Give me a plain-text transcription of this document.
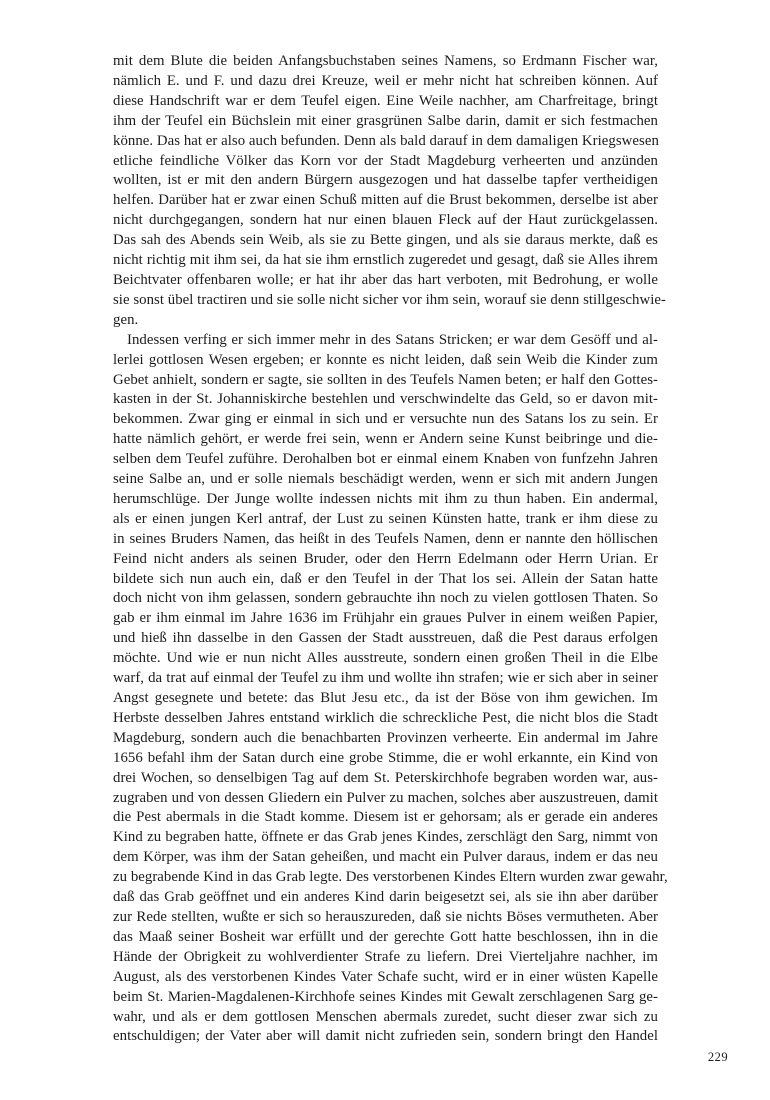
mit dem Blute die beiden Anfangsbuchstaben seines Namens, so Erdmann Fischer war,
nämlich E. und F. und dazu drei Kreuze, weil er mehr nicht hat schreiben können. Auf
diese Handschrift war er dem Teufel eigen. Eine Weile nachher, am Charfreitage, bringt
ihm der Teufel ein Büchslein mit einer grasgrünen Salbe darin, damit er sich festmachen
könne. Das hat er also auch befunden. Denn als bald darauf in dem damaligen Kriegswesen
etliche feindliche Völker das Korn vor der Stadt Magdeburg verheerten und anzünden
wollten, ist er mit den andern Bürgern ausgezogen und hat dasselbe tapfer vertheidigen
helfen. Darüber hat er zwar einen Schuß mitten auf die Brust bekommen, derselbe ist aber
nicht durchgegangen, sondern hat nur einen blauen Fleck auf der Haut zurückgelassen.
Das sah des Abends sein Weib, als sie zu Bette gingen, und als sie daraus merkte, daß es
nicht richtig mit ihm sei, da hat sie ihm ernstlich zugeredet und gesagt, daß sie Alles ihrem
Beichtvater offenbaren wolle; er hat ihr aber das hart verboten, mit Bedrohung, er wolle
sie sonst übel tractiren und sie solle nicht sicher vor ihm sein, worauf sie denn stillgeschwie-
gen.
Indessen verfing er sich immer mehr in des Satans Stricken; er war dem Gesöff und al-
lerlei gottlosen Wesen ergeben; er konnte es nicht leiden, daß sein Weib die Kinder zum
Gebet anhielt, sondern er sagte, sie sollten in des Teufels Namen beten; er half den Gottes-
kasten in der St. Johanniskirche bestehlen und verschwindelte das Geld, so er davon mit-
bekommen. Zwar ging er einmal in sich und er versuchte nun des Satans los zu sein. Er
hatte nämlich gehört, er werde frei sein, wenn er Andern seine Kunst beibringe und die-
selben dem Teufel zuführe. Derohalben bot er einmal einem Knaben von funfzehn Jahren
seine Salbe an, und er solle niemals beschädigt werden, wenn er sich mit andern Jungen
herumschlüge. Der Junge wollte indessen nichts mit ihm zu thun haben. Ein andermal,
als er einen jungen Kerl antraf, der Lust zu seinen Künsten hatte, trank er ihm diese zu
in seines Bruders Namen, das heißt in des Teufels Namen, denn er nannte den höllischen
Feind nicht anders als seinen Bruder, oder den Herrn Edelmann oder Herrn Urian. Er
bildete sich nun auch ein, daß er den Teufel in der That los sei. Allein der Satan hatte
doch nicht von ihm gelassen, sondern gebrauchte ihn noch zu vielen gottlosen Thaten. So
gab er ihm einmal im Jahre 1636 im Frühjahr ein graues Pulver in einem weißen Papier,
und hieß ihn dasselbe in den Gassen der Stadt ausstreuen, daß die Pest daraus erfolgen
möchte. Und wie er nun nicht Alles ausstreute, sondern einen großen Theil in die Elbe
warf, da trat auf einmal der Teufel zu ihm und wollte ihn strafen; wie er sich aber in seiner
Angst gesegnete und betete: das Blut Jesu etc., da ist der Böse von ihm gewichen. Im
Herbste desselben Jahres entstand wirklich die schreckliche Pest, die nicht blos die Stadt
Magdeburg, sondern auch die benachbarten Provinzen verheerte. Ein andermal im Jahre
1656 befahl ihm der Satan durch eine grobe Stimme, die er wohl erkannte, ein Kind von
drei Wochen, so denselbigen Tag auf dem St. Peterskirchhofe begraben worden war, aus-
zugraben und von dessen Gliedern ein Pulver zu machen, solches aber auszustreuen, damit
die Pest abermals in die Stadt komme. Diesem ist er gehorsam; als er gerade ein anderes
Kind zu begraben hatte, öffnete er das Grab jenes Kindes, zerschlägt den Sarg, nimmt von
dem Körper, was ihm der Satan geheißen, und macht ein Pulver daraus, indem er das neu
zu begrabende Kind in das Grab legte. Des verstorbenen Kindes Eltern wurden zwar gewahr,
daß das Grab geöffnet und ein anderes Kind darin beigesetzt sei, als sie ihn aber darüber
zur Rede stellten, wußte er sich so herauszureden, daß sie nichts Böses vermutheten. Aber
das Maaß seiner Bosheit war erfüllt und der gerechte Gott hatte beschlossen, ihn in die
Hände der Obrigkeit zu wohlverdienter Strafe zu liefern. Drei Vierteljahre nachher, im
August, als des verstorbenen Kindes Vater Schafe sucht, wird er in einer wüsten Kapelle
beim St. Marien-Magdalenen-Kirchhofe seines Kindes mit Gewalt zerschlagenen Sarg ge-
wahr, und als er dem gottlosen Menschen abermals zuredet, sucht dieser zwar sich zu
entschuldigen; der Vater aber will damit nicht zufrieden sein, sondern bringt den Handel
229
